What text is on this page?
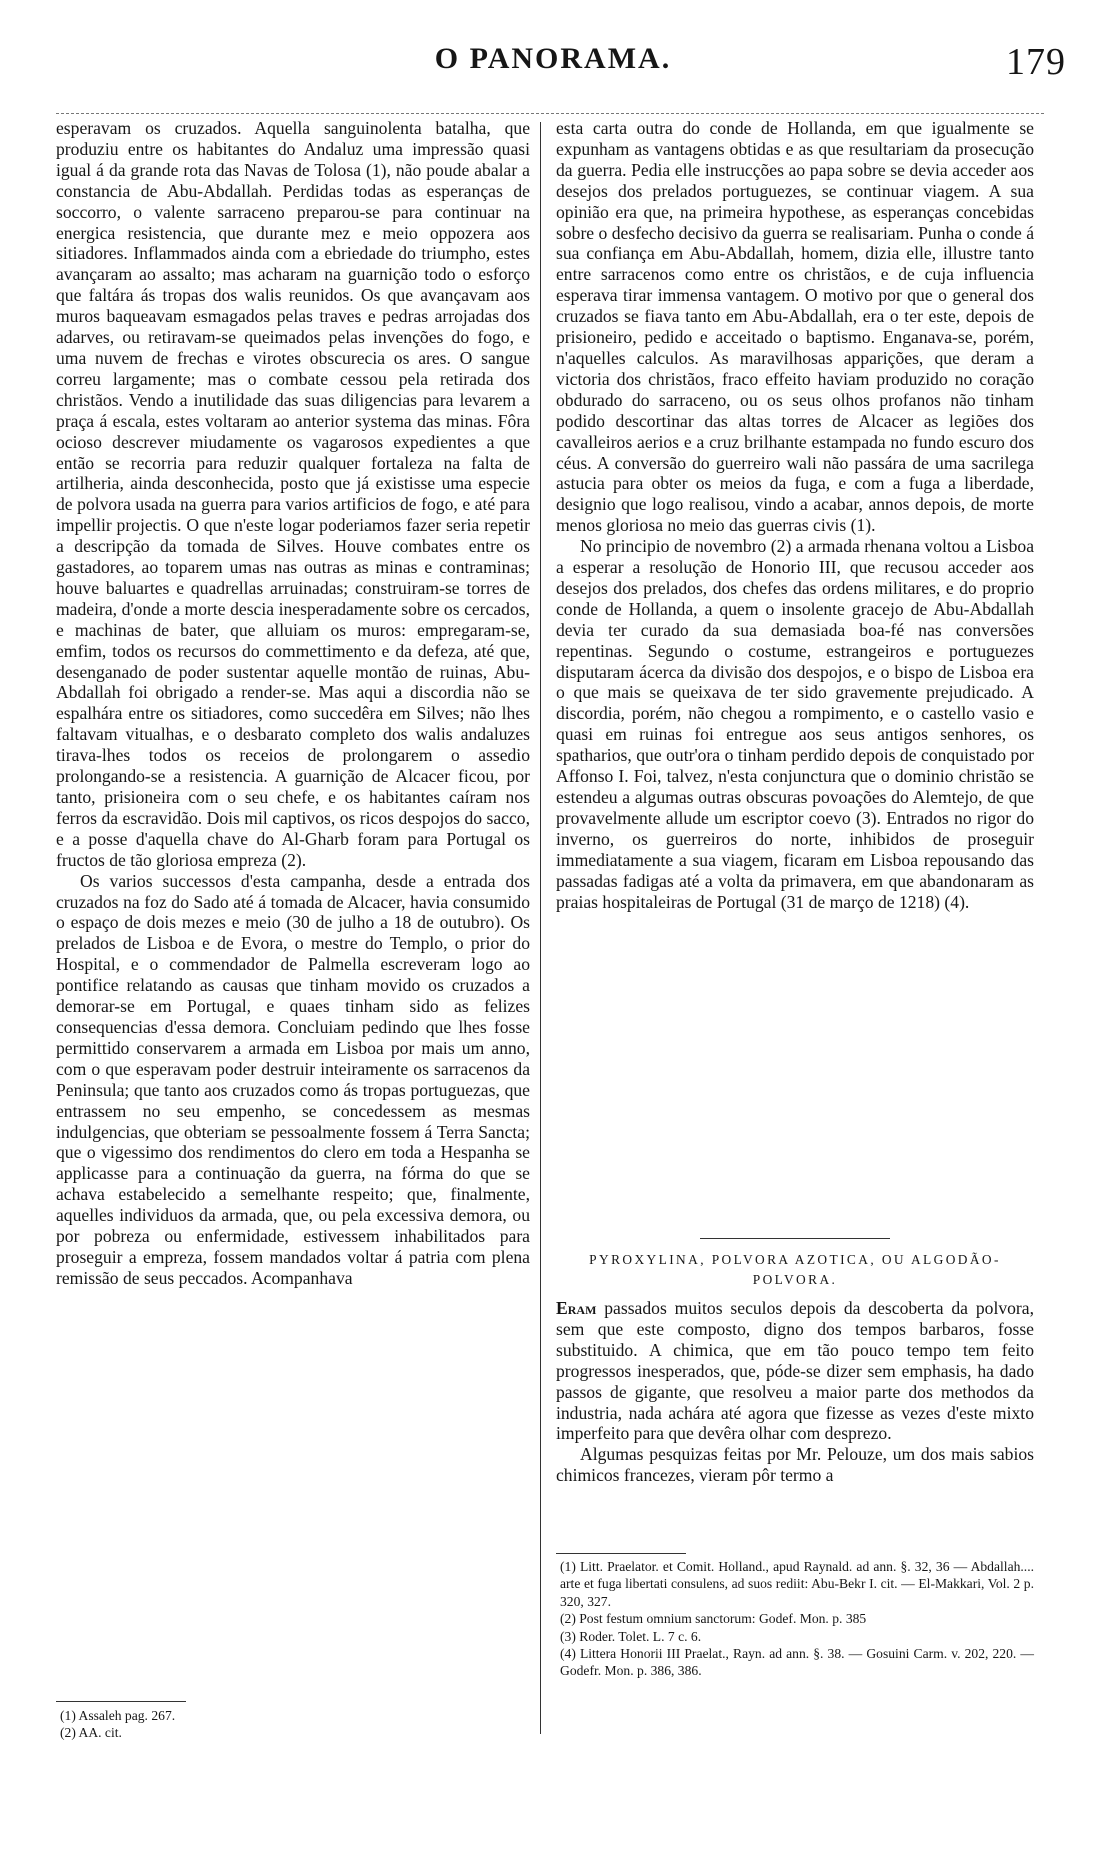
O PANORAMA.	179

esperavam os cruzados. Aquella sanguinolenta batalha, que produziu entre os habitantes do Andaluz uma impressão quasi igual á da grande rota das Navas de Tolosa (1), não poude abalar a constancia de Abu-Abdallah. Perdidas todas as esperanças de soccorro, o valente sarraceno preparou-se para continuar na energica resistencia, que durante mez e meio oppozera aos sitiadores. Inflammados ainda com a ebriedade do triumpho, estes avançaram ao assalto; mas acharam na guarnição todo o esforço que faltára ás tropas dos walis reunidos. Os que avançavam aos muros baqueavam esmagados pelas traves e pedras arrojadas dos adarves, ou retiravam-se queimados pelas invenções do fogo, e uma nuvem de frechas e virotes obscurecia os ares. O sangue correu largamente; mas o combate cessou pela retirada dos christãos. Vendo a inutilidade das suas diligencias para levarem a praça á escala, estes voltaram ao anterior systema das minas. Fôra ocioso descrever miudamente os vagarosos expedientes a que então se recorria para reduzir qualquer fortaleza na falta de artilheria, ainda desconhecida, posto que já existisse uma especie de polvora usada na guerra para varios artificios de fogo, e até para impellir projectis. O que n'este logar poderiamos fazer seria repetir a descripção da tomada de Silves. Houve combates entre os gastadores, ao toparem umas nas outras as minas e contraminas; houve baluartes e quadrellas arruinadas; construiram-se torres de madeira, d'onde a morte descia inesperadamente sobre os cercados, e machinas de bater, que alluiam os muros: empregaram-se, emfim, todos os recursos do commettimento e da defeza, até que, desenganado de poder sustentar aquelle montão de ruinas, Abu-Abdallah foi obrigado a render-se. Mas aqui a discordia não se espalhára entre os sitiadores, como succedêra em Silves; não lhes faltavam vitualhas, e o desbarato completo dos walis andaluzes tirava-lhes todos os receios de prolongarem o assedio prolongando-se a resistencia. A guarnição de Alcacer ficou, por tanto, prisioneira com o seu chefe, e os habitantes caíram nos ferros da escravidão. Dois mil captivos, os ricos despojos do sacco, e a posse d'aquella chave do Al-Gharb foram para Portugal os fructos de tão gloriosa empreza (2).

Os varios successos d'esta campanha, desde a entrada dos cruzados na foz do Sado até á tomada de Alcacer, havia consumido o espaço de dois mezes e meio (30 de julho a 18 de outubro). Os prelados de Lisboa e de Evora, o mestre do Templo, o prior do Hospital, e o commendador de Palmella escreveram logo ao pontifice relatando as causas que tinham movido os cruzados a demorar-se em Portugal, e quaes tinham sido as felizes consequencias d'essa demora. Concluiam pedindo que lhes fosse permittido conservarem a armada em Lisboa por mais um anno, com o que esperavam poder destruir inteiramente os sarracenos da Peninsula; que tanto aos cruzados como ás tropas portuguezas, que entrassem no seu empenho, se concedessem as mesmas indulgencias, que obteriam se pessoalmente fossem á Terra Sancta; que o vigessimo dos rendimentos do clero em toda a Hespanha se applicasse para a continuação da guerra, na fórma do que se achava estabelecido a semelhante respeito; que, finalmente, aquelles individuos da armada, que, ou pela excessiva demora, ou por pobreza ou enfermidade, estivessem inhabilitados para proseguir a empreza, fossem mandados voltar á patria com plena remissão de seus peccados. Acompanhava

(1) Assaleh pag. 267.

(2) AA. cit.

esta carta outra do conde de Hollanda, em que igualmente se expunham as vantagens obtidas e as que resultariam da prosecução da guerra. Pedia elle instrucções ao papa sobre se devia acceder aos desejos dos prelados portuguezes, se continuar viagem. A sua opinião era que, na primeira hypothese, as esperanças concebidas sobre o desfecho decisivo da guerra se realisariam. Punha o conde á sua confiança em Abu-Abdallah, homem, dizia elle, illustre tanto entre sarracenos como entre os christãos, e de cuja influencia esperava tirar immensa vantagem. O motivo por que o general dos cruzados se fiava tanto em Abu-Abdallah, era o ter este, depois de prisioneiro, pedido e acceitado o baptismo. Enganava-se, porém, n'aquelles calculos. As maravilhosas apparições, que deram a victoria dos christãos, fraco effeito haviam produzido no coração obdurado do sarraceno, ou os seus olhos profanos não tinham podido descortinar das altas torres de Alcacer as legiões dos cavalleiros aerios e a cruz brilhante estampada no fundo escuro dos céus. A conversão do guerreiro wali não passára de uma sacrilega astucia para obter os meios da fuga, e com a fuga a liberdade, designio que logo realisou, vindo a acabar, annos depois, de morte menos gloriosa no meio das guerras civis (1).

No principio de novembro (2) a armada rhenana voltou a Lisboa a esperar a resolução de Honorio III, que recusou acceder aos desejos dos prelados, dos chefes das ordens militares, e do proprio conde de Hollanda, a quem o insolente gracejo de Abu-Abdallah devia ter curado da sua demasiada boa-fé nas conversões repentinas. Segundo o costume, estrangeiros e portuguezes disputaram ácerca da divisão dos despojos, e o bispo de Lisboa era o que mais se queixava de ter sido gravemente prejudicado. A discordia, porém, não chegou a rompimento, e o castello vasio e quasi em ruinas foi entregue aos seus antigos senhores, os spatharios, que outr'ora o tinham perdido depois de conquistado por Affonso I. Foi, talvez, n'esta conjunctura que o dominio christão se estendeu a algumas outras obscuras povoações do Alemtejo, de que provavelmente allude um escriptor coevo (3). Entrados no rigor do inverno, os guerreiros do norte, inhibidos de proseguir immediatamente a sua viagem, ficaram em Lisboa repousando das passadas fadigas até a volta da primavera, em que abandonaram as praias hospitaleiras de Portugal (31 de março de 1218) (4).

PYROXYLINA, POLVORA AZOTICA, OU ALGODÃO-POLVORA.

Eram passados muitos seculos depois da descoberta da polvora, sem que este composto, digno dos tempos barbaros, fosse substituido. A chimica, que em tão pouco tempo tem feito progressos inesperados, que, póde-se dizer sem emphasis, ha dado passos de gigante, que resolveu a maior parte dos methodos da industria, nada achára até agora que fizesse as vezes d'este mixto imperfeito para que devêra olhar com desprezo.

Algumas pesquizas feitas por Mr. Pelouze, um dos mais sabios chimicos francezes, vieram pôr termo a

(1) Litt. Praelator. et Comit. Holland., apud Raynald. ad ann. §. 32, 36 — Abdallah.... arte et fuga libertati consulens, ad suos rediit: Abu-Bekr I. cit. — El-Makkari, Vol. 2 p. 320, 327.

(2) Post festum omnium sanctorum: Godef. Mon. p. 385

(3) Roder. Tolet. L. 7 c. 6.

(4) Littera Honorii III Praelat., Rayn. ad ann. §. 38. — Gosuini Carm. v. 202, 220. — Godefr. Mon. p. 386, 386.
